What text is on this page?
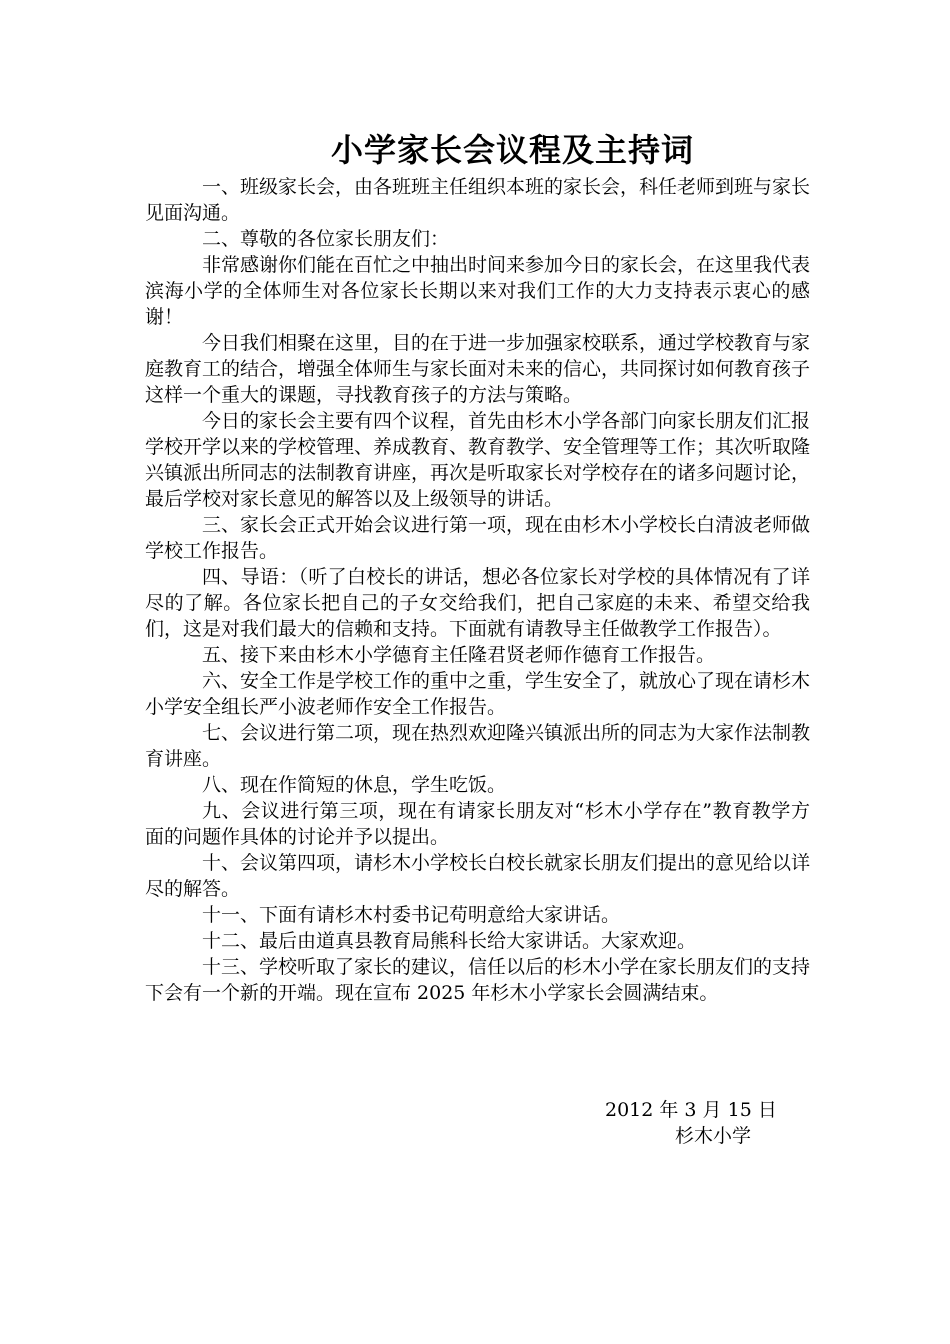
小学家长会议程及主持词

一、班级家长会，由各班班主任组织本班的家长会，科任老师到班与家长见面沟通。

二、尊敬的各位家长朋友们：

非常感谢你们能在百忙之中抽出时间来参加今日的家长会，在这里我代表滨海小学的全体师生对各位家长长期以来对我们工作的大力支持表示衷心的感谢！

今日我们相聚在这里，目的在于进一步加强家校联系，通过学校教育与家庭教育工的结合，增强全体师生与家长面对未来的信心，共同探讨如何教育孩子这样一个重大的课题，寻找教育孩子的方法与策略。

今日的家长会主要有四个议程，首先由杉木小学各部门向家长朋友们汇报学校开学以来的学校管理、养成教育、教育教学、安全管理等工作；其次听取隆兴镇派出所同志的法制教育讲座，再次是听取家长对学校存在的诸多问题讨论，最后学校对家长意见的解答以及上级领导的讲话。

三、家长会正式开始会议进行第一项，现在由杉木小学校长白清波老师做学校工作报告。

四、导语：（听了白校长的讲话，想必各位家长对学校的具体情况有了详尽的了解。各位家长把自己的子女交给我们，把自己家庭的未来、希望交给我们，这是对我们最大的信赖和支持。下面就有请教导主任做教学工作报告）。

五、接下来由杉木小学德育主任隆君贤老师作德育工作报告。

六、安全工作是学校工作的重中之重，学生安全了，就放心了现在请杉木小学安全组长严小波老师作安全工作报告。

七、会议进行第二项，现在热烈欢迎隆兴镇派出所的同志为大家作法制教育讲座。

八、现在作简短的休息，学生吃饭。

九、会议进行第三项，现在有请家长朋友对“杉木小学存在”教育教学方面的问题作具体的讨论并予以提出。

十、会议第四项，请杉木小学校长白校长就家长朋友们提出的意见给以详尽的解答。

十一、下面有请杉木村委书记苟明意给大家讲话。

十二、最后由道真县教育局熊科长给大家讲话。大家欢迎。

十三、学校听取了家长的建议，信任以后的杉木小学在家长朋友们的支持下会有一个新的开端。现在宣布 2025 年杉木小学家长会圆满结束。

2012 年 3 月 15 日
杉木小学
